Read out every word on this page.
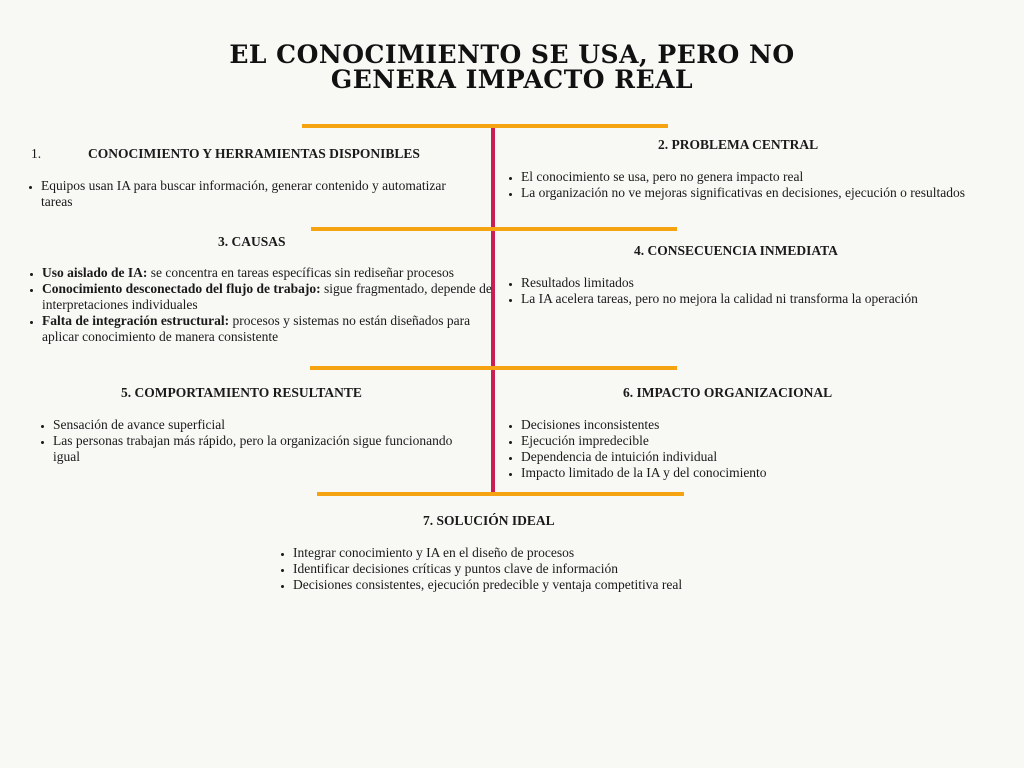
EL CONOCIMIENTO SE USA, PERO NO
GENERA IMPACTO REAL
1.	CONOCIMIENTO Y HERRAMIENTAS DISPONIBLES
• Equipos usan IA para buscar información, generar contenido y automatizar tareas
2. PROBLEMA CENTRAL
• El conocimiento se usa, pero no genera impacto real
• La organización no ve mejoras significativas en decisiones, ejecución o resultados
3. CAUSAS
• Uso aislado de IA: se concentra en tareas específicas sin rediseñar procesos
• Conocimiento desconectado del flujo de trabajo: sigue fragmentado, depende de interpretaciones individuales
• Falta de integración estructural: procesos y sistemas no están diseñados para aplicar conocimiento de manera consistente
4. CONSECUENCIA INMEDIATA
• Resultados limitados
• La IA acelera tareas, pero no mejora la calidad ni transforma la operación
5. COMPORTAMIENTO RESULTANTE
• Sensación de avance superficial
• Las personas trabajan más rápido, pero la organización sigue funcionando igual
6. IMPACTO ORGANIZACIONAL
• Decisiones inconsistentes
• Ejecución impredecible
• Dependencia de intuición individual
• Impacto limitado de la IA y del conocimiento
7. SOLUCIÓN IDEAL
• Integrar conocimiento y IA en el diseño de procesos
• Identificar decisiones críticas y puntos clave de información
• Decisiones consistentes, ejecución predecible y ventaja competitiva real
